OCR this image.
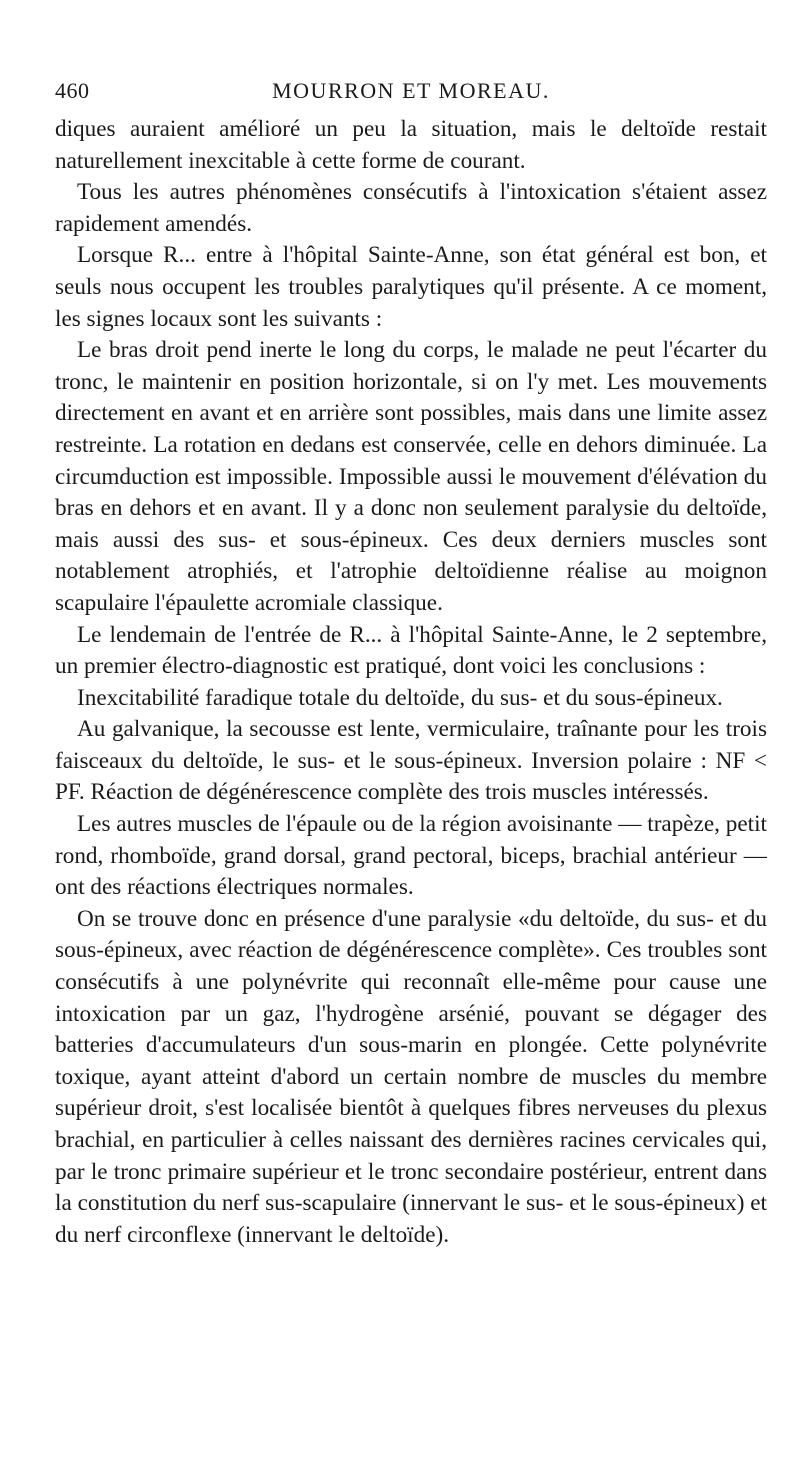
460	MOURRON ET MOREAU.

diques auraient amélioré un peu la situation, mais le deltoïde restait naturellement inexcitable à cette forme de courant.

Tous les autres phénomènes consécutifs à l'intoxication s'étaient assez rapidement amendés.

Lorsque R... entre à l'hôpital Sainte-Anne, son état général est bon, et seuls nous occupent les troubles paralytiques qu'il présente. A ce moment, les signes locaux sont les suivants :

Le bras droit pend inerte le long du corps, le malade ne peut l'écarter du tronc, le maintenir en position horizontale, si on l'y met. Les mouvements directement en avant et en arrière sont possibles, mais dans une limite assez restreinte. La rotation en dedans est conservée, celle en dehors diminuée. La circumduction est impossible. Impossible aussi le mouvement d'élévation du bras en dehors et en avant. Il y a donc non seulement paralysie du deltoïde, mais aussi des sus- et sous-épineux. Ces deux derniers muscles sont notablement atrophiés, et l'atrophie deltoïdienne réalise au moignon scapulaire l'épaulette acromiale classique.

Le lendemain de l'entrée de R... à l'hôpital Sainte-Anne, le 2 septembre, un premier électro-diagnostic est pratiqué, dont voici les conclusions :

Inexcitabilité faradique totale du deltoïde, du sus- et du sous-épineux.

Au galvanique, la secousse est lente, vermiculaire, traînante pour les trois faisceaux du deltoïde, le sus- et le sous-épineux. Inversion polaire : NF < PF. Réaction de dégénérescence complète des trois muscles intéressés.

Les autres muscles de l'épaule ou de la région avoisinante — trapèze, petit rond, rhomboïde, grand dorsal, grand pectoral, biceps, brachial antérieur — ont des réactions électriques normales.

On se trouve donc en présence d'une paralysie «du deltoïde, du sus- et du sous-épineux, avec réaction de dégénérescence complète». Ces troubles sont consécutifs à une polynévrite qui reconnaît elle-même pour cause une intoxication par un gaz, l'hydrogène arsénié, pouvant se dégager des batteries d'accumulateurs d'un sous-marin en plongée. Cette polynévrite toxique, ayant atteint d'abord un certain nombre de muscles du membre supérieur droit, s'est localisée bientôt à quelques fibres nerveuses du plexus brachial, en particulier à celles naissant des dernières racines cervicales qui, par le tronc primaire supérieur et le tronc secondaire postérieur, entrent dans la constitution du nerf sus-scapulaire (innervant le sus- et le sous-épineux) et du nerf circonflexe (innervant le deltoïde).
